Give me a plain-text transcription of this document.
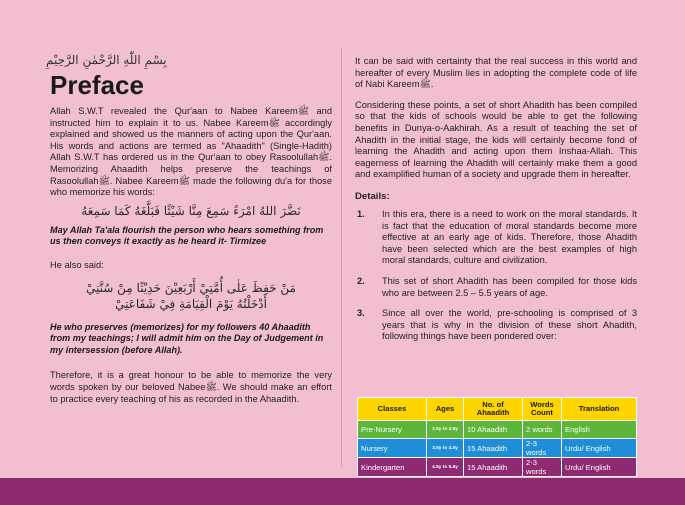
بِسْمِ اللّٰهِ الرَّحْمٰنِ الرَّحِيْمِ
Preface

Allah S.W.T revealed the Qur'aan to Nabee Kareemﷺ and instructed him to explain it to us. Nabee Kareemﷺ accordingly explained and showed us the manners of acting upon the Qur'aan. His words and actions are termed as "Ahaadith" (Single-Hadith) Allah S.W.T has ordered us in the Qur'aan to obey Rasoolullahﷺ. Memorizing Ahaadith helps preserve the teachings of Rasoolullahﷺ. Nabee Kareemﷺ made the following du'a for those who memorize his words:

نَضَّرَ اللهُ امْرَءً سَمِعَ مِنَّا شَيْئًا فَبَلَّغَهُ كَمَا سَمِعَهُ

May Allah Ta'ala flourish the person who hears something from us then conveys it exactly as he heard it- Tirmizee

He also said:

مَنْ حَفِظَ عَلٰى أُمَّتِيْ أَرْبَعِيْنَ حَدِيْثًا مِنْ سُنَّتِيْ

أَدْخَلْتُهُ يَوْمَ الْقِيَامَةِ فِيْ شَفَاعَتِيْ

He who preserves (memorizes) for my followers 40 Ahaadith from my teachings; I will admit him on the Day of Judgement in my intersession (before Allah).

Therefore, it is a great honour to be able to memorize the very words spoken by our beloved Nabeeﷺ. We should make an effort to practice every teaching of his as recorded in the Ahaadith.

It can be said with certainty that the real success in this world and hereafter of every Muslim lies in adopting the complete code of life of Nabi Kareemﷺ.

Considering these points, a set of short Ahadith has been compiled so that the kids of schools would be able to get the following benefits in Dunya-o-Aakhirah. As a result of teaching the set of Ahadith in the initial stage, the kids will certainly become fond of learning the Ahadith and acting upon them Inshaa-Allah. This eagerness of learning the Ahadith will certainly make them a good and examplified human of a society and upgrade them in hereafter.

Details:

1.	In this era, there is a need to work on the moral standards. It is fact that the education of moral standards become more effective at an early age of kids. Therefore, those Ahadith have been selected which are the best examples of high moral standards, culture and civilization.
2.	This set of short Ahadith has been compiled for those kids who are between 2.5 – 5.5 years of age.
3.	Since all over the world, pre-schooling is comprised of 3 years that is why in the division of these short Ahadith, following things have been pondered over:
Classes	Ages	No. of Ahaadith	Words Count	Translation
Pre-Nursery	2.5y to 3.5y	10 Ahaadith	2 words	English
Nursery	3.5y to 4.5y	15 Ahaadith	2-3 words	Urdu/ English
Kindergarten	4.5y to 5.5y	15 Ahaadith	2-3 words	Urdu/ English
